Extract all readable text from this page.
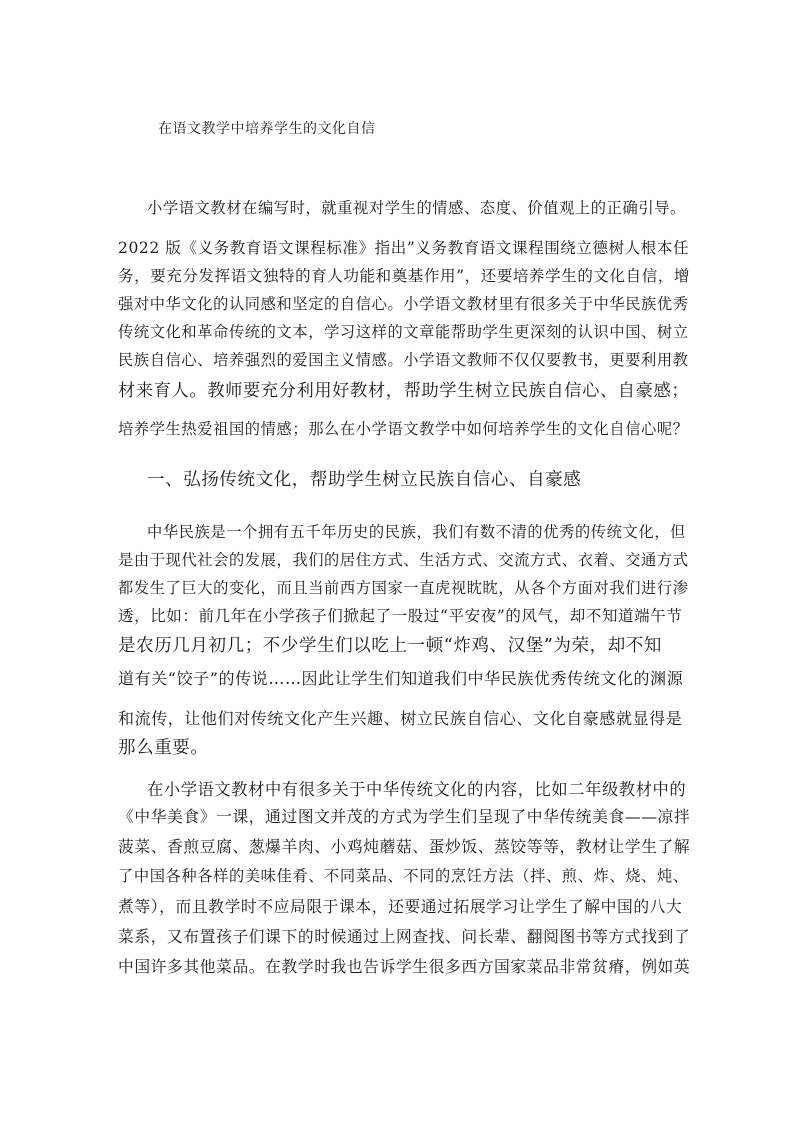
在语文教学中培养学生的文化自信
小学语文教材在编写时，就重视对学生的情感、态度、价值观上的正确引导。
2022 版《义务教育语文课程标准》指出”义务教育语文课程围绕立德树人根本任
务，要充分发挥语文独特的育人功能和奠基作用”，还要培养学生的文化自信，增
强对中华文化的认同感和坚定的自信心。小学语文教材里有很多关于中华民族优秀
传统文化和革命传统的文本，学习这样的文章能帮助学生更深刻的认识中国、树立
民族自信心、培养强烈的爱国主义情感。小学语文教师不仅仅要教书，更要利用教
材来育人。教师要充分利用好教材，帮助学生树立民族自信心、自豪感；
培养学生热爱祖国的情感；那么在小学语文教学中如何培养学生的文化自信心呢？
一、弘扬传统文化，帮助学生树立民族自信心、自豪感
中华民族是一个拥有五千年历史的民族，我们有数不清的优秀的传统文化，但
是由于现代社会的发展，我们的居住方式、生活方式、交流方式、衣着、交通方式
都发生了巨大的变化，而且当前西方国家一直虎视眈眈，从各个方面对我们进行渗
透，比如：前几年在小学孩子们掀起了一股过“平安夜”的风气，却不知道端午节
是农历几月初几；不少学生们以吃上一顿“炸鸡、汉堡”为荣，却不知
道有关“饺子”的传说……因此让学生们知道我们中华民族优秀传统文化的渊源
和流传，让他们对传统文化产生兴趣、树立民族自信心、文化自豪感就显得是
那么重要。
在小学语文教材中有很多关于中华传统文化的内容，比如二年级教材中的
《中华美食》一课，通过图文并茂的方式为学生们呈现了中华传统美食——凉拌
菠菜、香煎豆腐、葱爆羊肉、小鸡炖蘑菇、蛋炒饭、蒸饺等等，教材让学生了解
了中国各种各样的美味佳肴、不同菜品、不同的烹饪方法（拌、煎、炸、烧、炖、
煮等），而且教学时不应局限于课本，还要通过拓展学习让学生了解中国的八大
菜系，又布置孩子们课下的时候通过上网查找、问长辈、翻阅图书等方式找到了
中国许多其他菜品。在教学时我也告诉学生很多西方国家菜品非常贫瘠，例如英
